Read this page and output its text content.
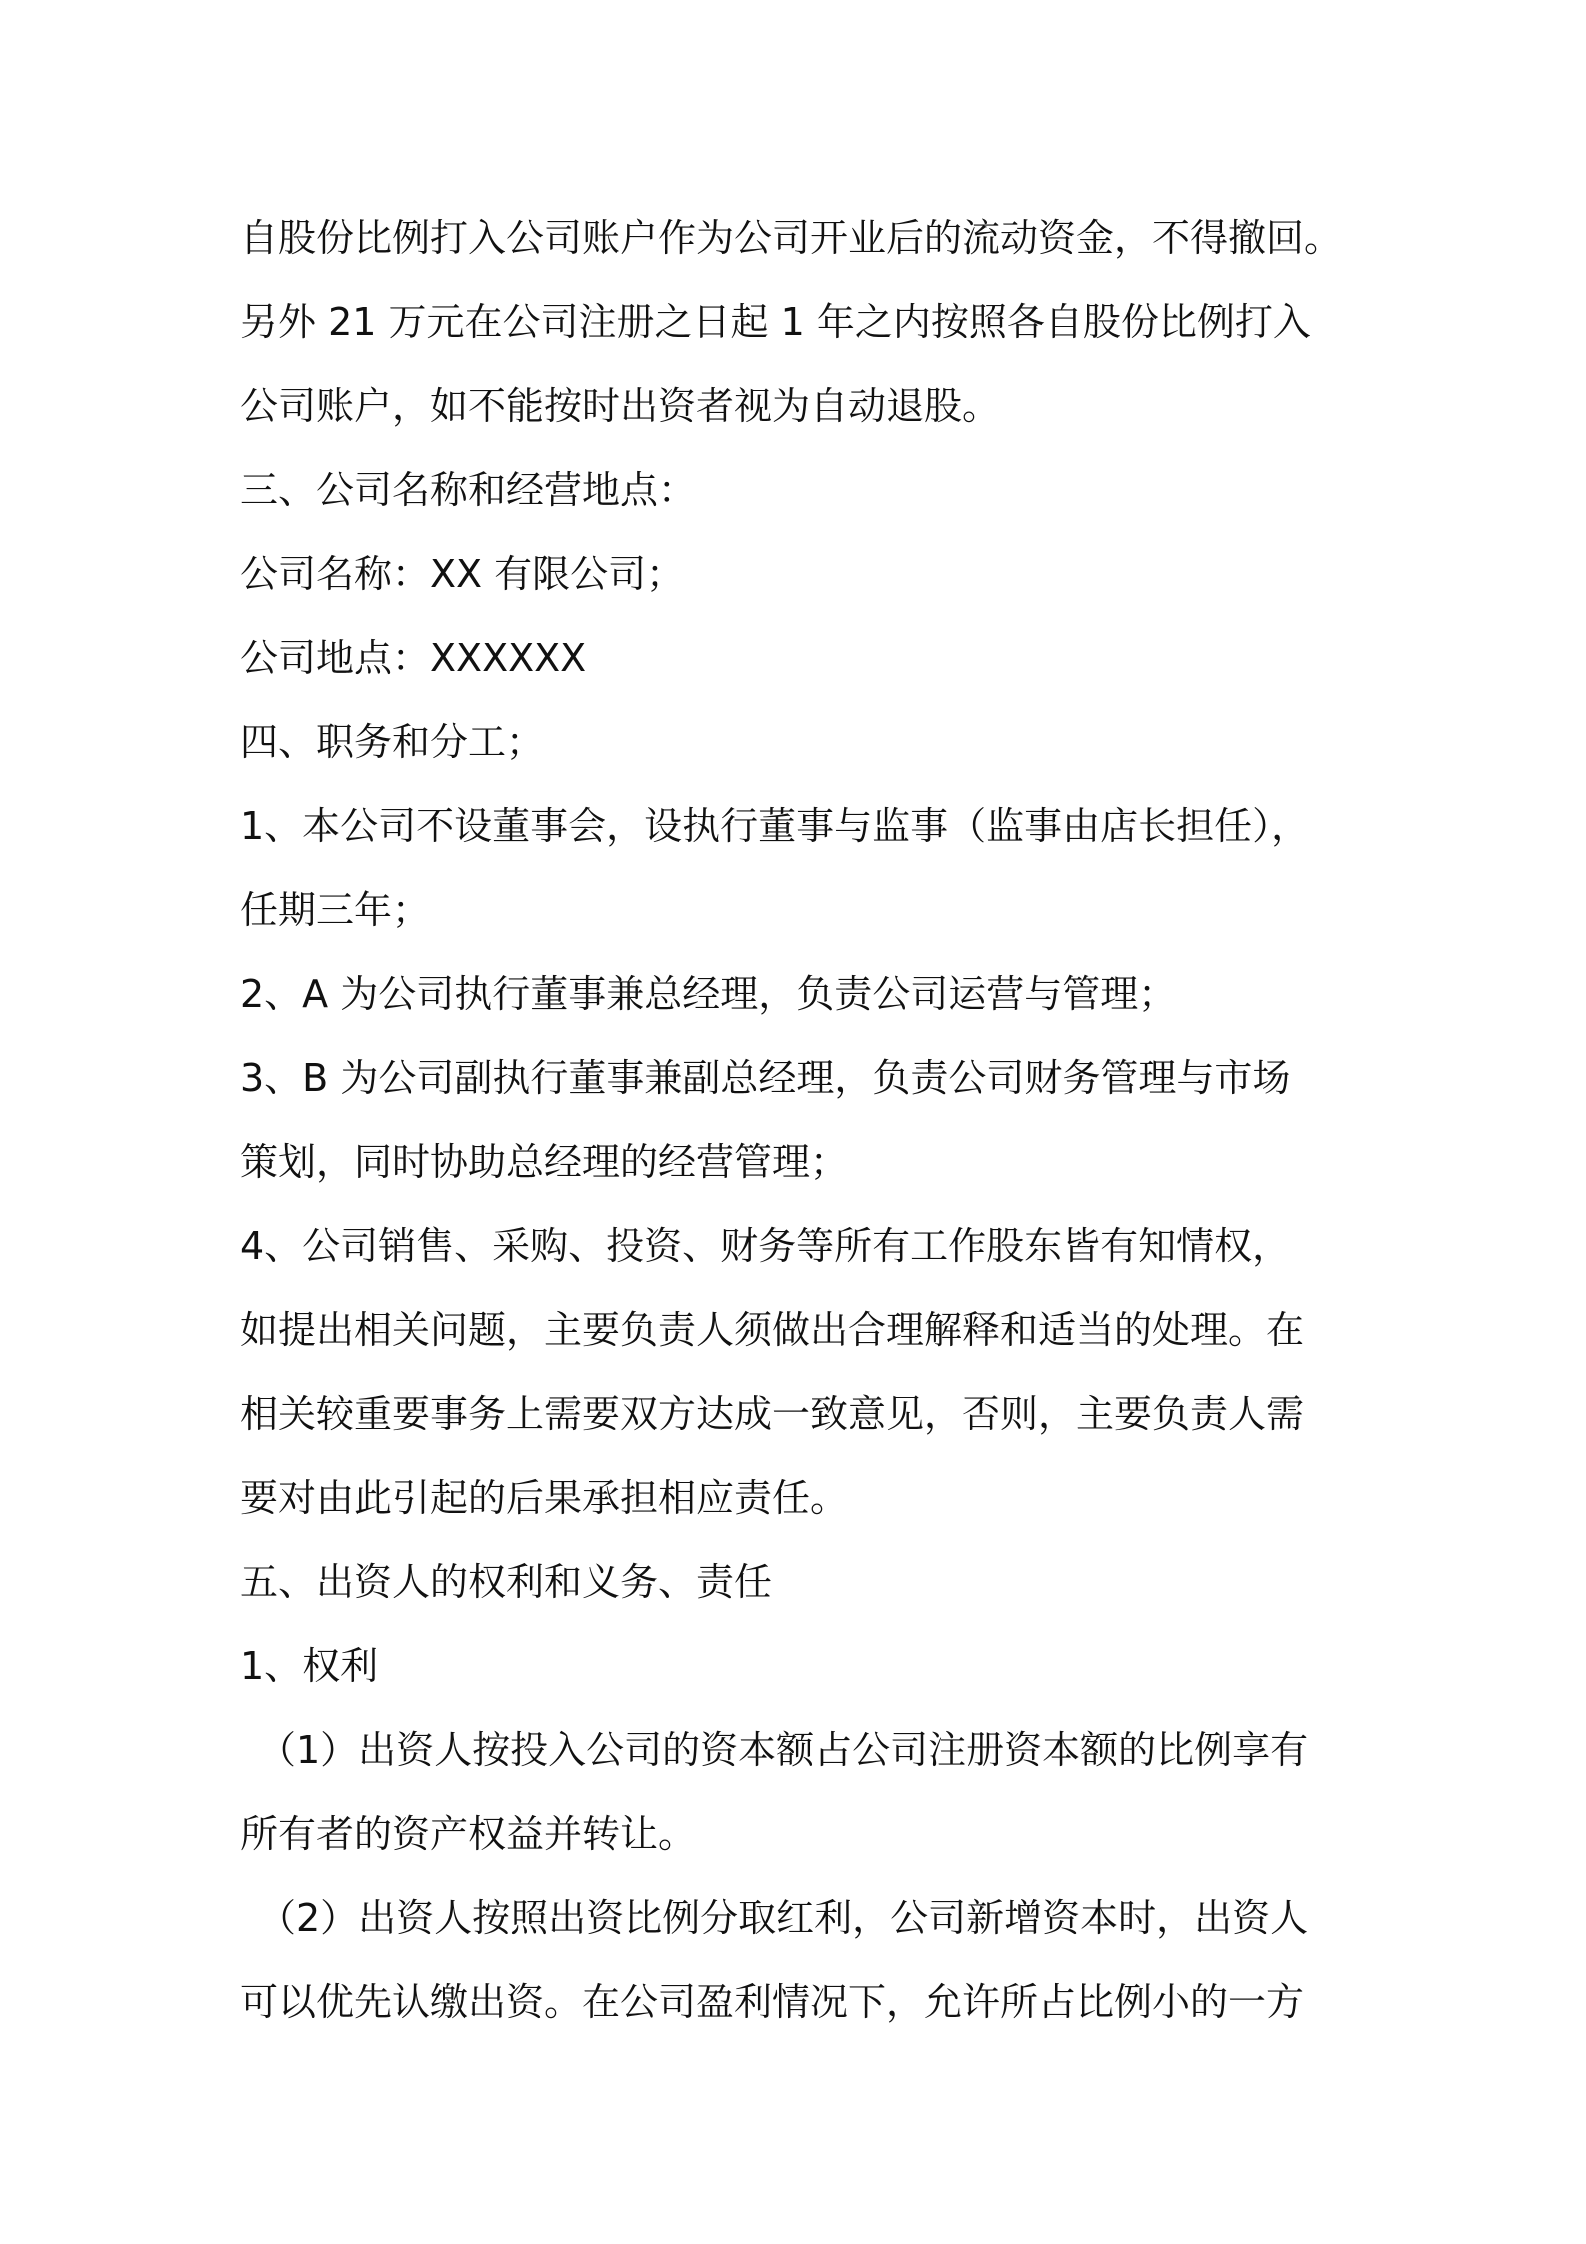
自股份比例打入公司账户作为公司开业后的流动资金，不得撤回。
另外 21 万元在公司注册之日起 1 年之内按照各自股份比例打入
公司账户，如不能按时出资者视为自动退股。
三、公司名称和经营地点：
公司名称：XX 有限公司；
公司地点：XXXXXX
四、职务和分工；
1、本公司不设董事会，设执行董事与监事（监事由店长担任），
任期三年；
2、A 为公司执行董事兼总经理，负责公司运营与管理；
3、B 为公司副执行董事兼副总经理，负责公司财务管理与市场
策划，同时协助总经理的经营管理；
4、公司销售、采购、投资、财务等所有工作股东皆有知情权，
如提出相关问题，主要负责人须做出合理解释和适当的处理。在
相关较重要事务上需要双方达成一致意见，否则，主要负责人需
要对由此引起的后果承担相应责任。
五、出资人的权利和义务、责任
1、权利
（1）出资人按投入公司的资本额占公司注册资本额的比例享有
所有者的资产权益并转让。
（2）出资人按照出资比例分取红利，公司新增资本时，出资人
可以优先认缴出资。在公司盈利情况下，允许所占比例小的一方
